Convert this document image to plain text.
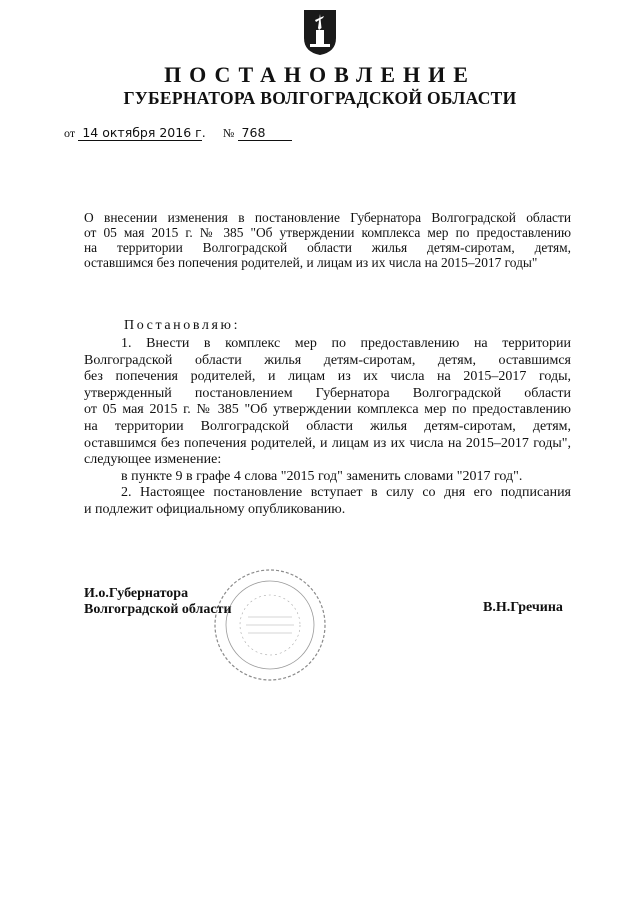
ПОСТАНОВЛЕНИЕ
ГУБЕРНАТОРА ВОЛГОГРАДСКОЙ ОБЛАСТИ
от 14 октября 2016 г. № 768
О внесении изменения в постановление Губернатора Волгоградской области
от 05 мая 2015 г. № 385 "Об утверждении комплекса мер по предоставлению
на территории Волгоградской области жилья детям-сиротам, детям,
оставшимся без попечения родителей, и лицам из их числа на 2015–2017 годы"
Постановляю:
1. Внести в комплекс мер по предоставлению на территории
Волгоградской области жилья детям-сиротам, детям, оставшимся
без попечения родителей, и лицам из их числа на 2015–2017 годы,
утвержденный постановлением Губернатора Волгоградской области
от 05 мая 2015 г. № 385 "Об утверждении комплекса мер по предоставлению
на территории Волгоградской области жилья детям-сиротам, детям,
оставшимся без попечения родителей, и лицам из их числа на 2015–2017 годы",
следующее изменение:
в пункте 9 в графе 4 слова "2015 год" заменить словами "2017 год".
2. Настоящее постановление вступает в силу со дня его подписания
и подлежит официальному опубликованию.
И.о.Губернатора
Волгоградской области	В.Н.Гречина
